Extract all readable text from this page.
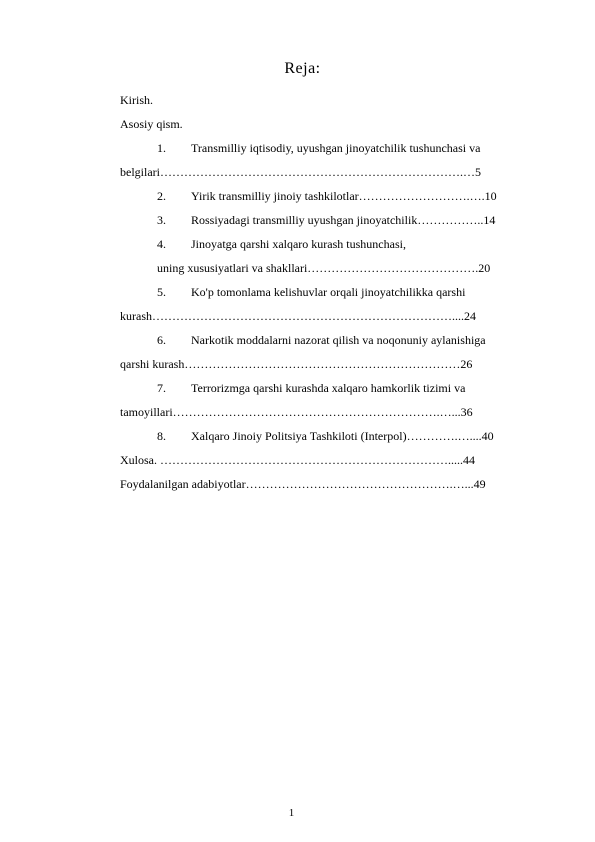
Reja:
Kirish.
Asosiy qism.
1. Transmilliy iqtisodiy, uyushgan jinoyatchilik tushunchasi va
belgilari………………………………………………………………….…5
2. Yirik transmilliy jinoiy tashkilotlar……………………….….10
3. Rossiyadagi transmilliy uyushgan jinoyatchilik……………..14
4. Jinoyatga qarshi xalqaro kurash tushunchasi,
uning xususiyatlari va shakllari…………………………………….20
5. Ko'p tomonlama kelishuvlar orqali jinoyatchilikka qarshi
kurash…………………………………………………………………....24
6. Narkotik moddalarni nazorat qilish va noqonuniy aylanishiga
qarshi kurash……………………………………………………………26
7. Terrorizmga qarshi kurashda xalqaro hamkorlik tizimi va
tamoyillari………………………………………………………….…...36
8. Xalqaro Jinoiy Politsiya Tashkiloti (Interpol)………….…....40
Xulosa. ……………………………………………………………….....44
Foydalanilgan adabiyotlar…………………………………………….…...49
1
